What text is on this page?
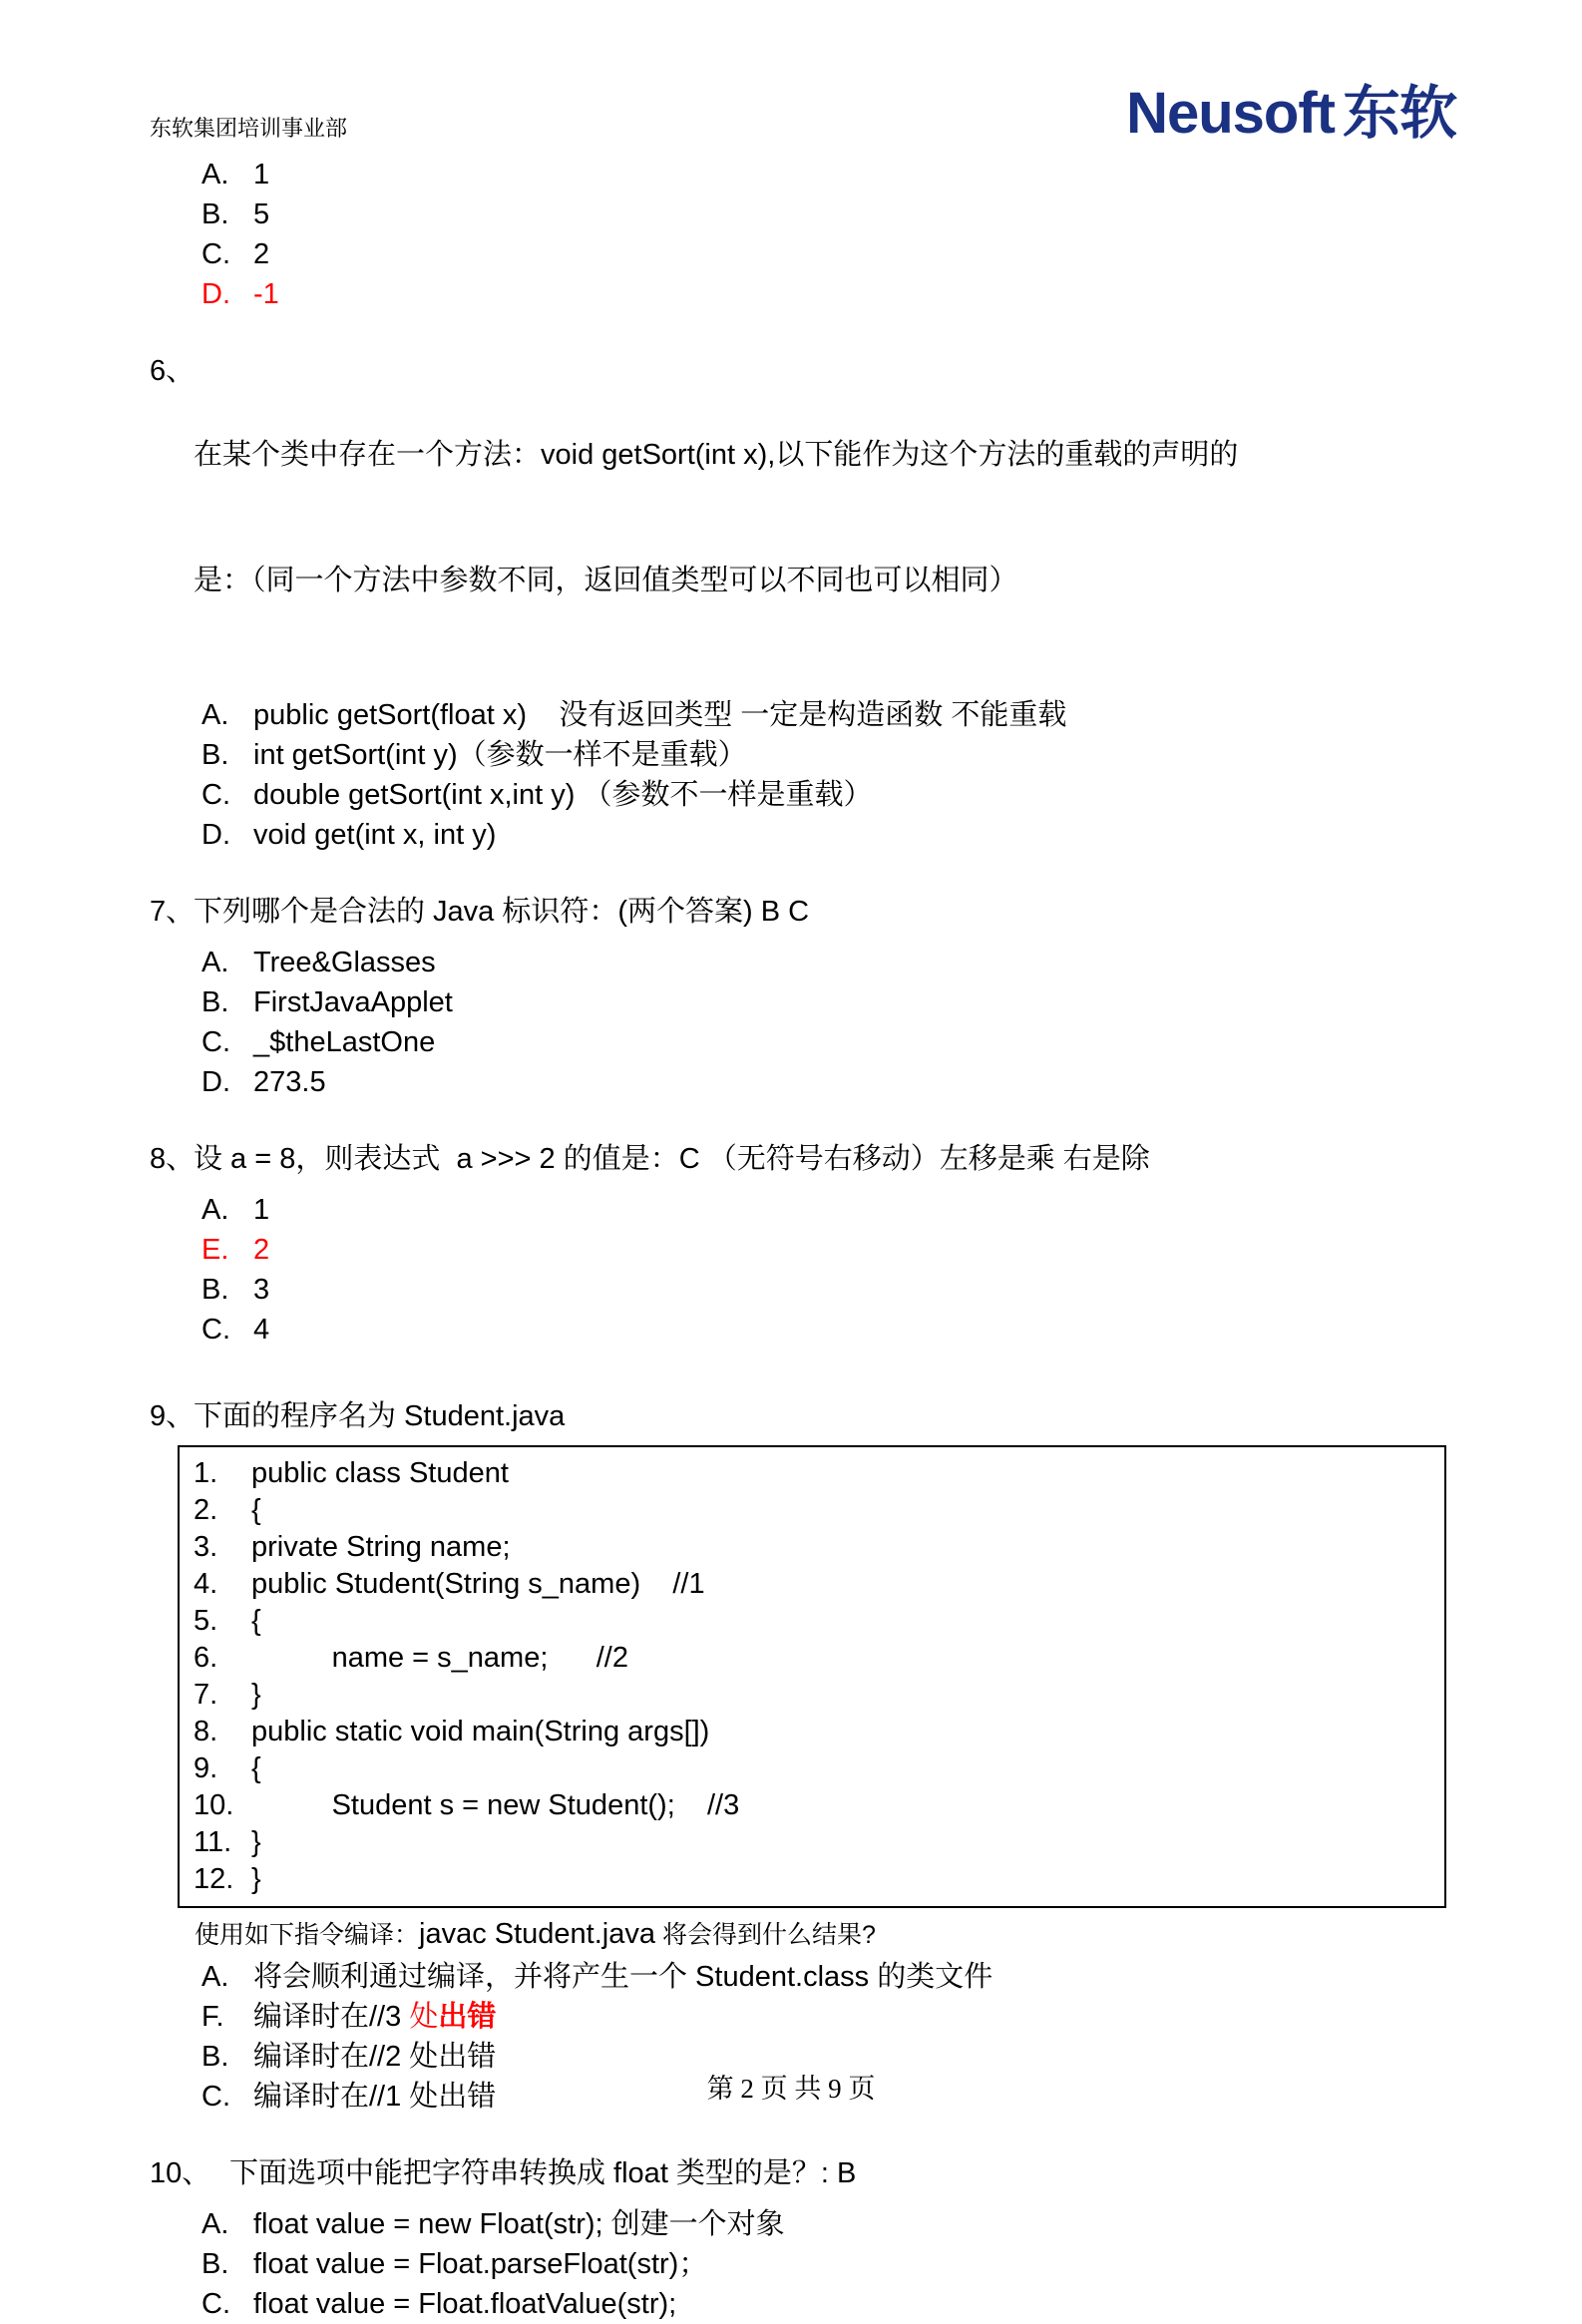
东软集团培训事业部	Neusoft 东软
A. 1
B. 5
C. 2
D. -1
6、

在某个类中存在一个方法：void getSort(int x),以下能作为这个方法的重载的声明的

是：（同一个方法中参数不同，返回值类型可以不同也可以相同）

A. public getSort(float x)    没有返回类型 一定是构造函数 不能重载
B. int getSort(int y)（参数一样不是重载）
C. double getSort(int x,int y) （参数不一样是重载）
D. void get(int x, int y)
7、
下列哪个是合法的 Java 标识符：(两个答案) B C
A. Tree&Glasses
B. FirstJavaApplet
C. _$theLastOne
D. 273.5
8、
设 a = 8，则表达式  a >>> 2 的值是：C （无符号右移动）左移是乘 右是除
A. 1
E. 2
B. 3
C. 4
9、
下面的程序名为 Student.java
1.	public class Student
2.	{
3.	private String name;
4.	public Student(String s_name)    //1
5.	{
6.	name = s_name;      //2
7.	}
8.	public static void main(String args[])
9.	{
10. Student s = new Student();    //3
11. }
12. }
使用如下指令编译：javac Student.java 将会得到什么结果?
A. 将会顺利通过编译，并将产生一个 Student.class 的类文件
F.	编译时在//3 处出错
B. 编译时在//2 处出错
C. 编译时在//1 处出错
10、 下面选项中能把字符串转换成 float 类型的是？: B
A. float value = new Float(str); 创建一个对象
B. float value = Float.parseFloat(str)；
C. float value = Float.floatValue(str);
第 2 页 共 9 页
